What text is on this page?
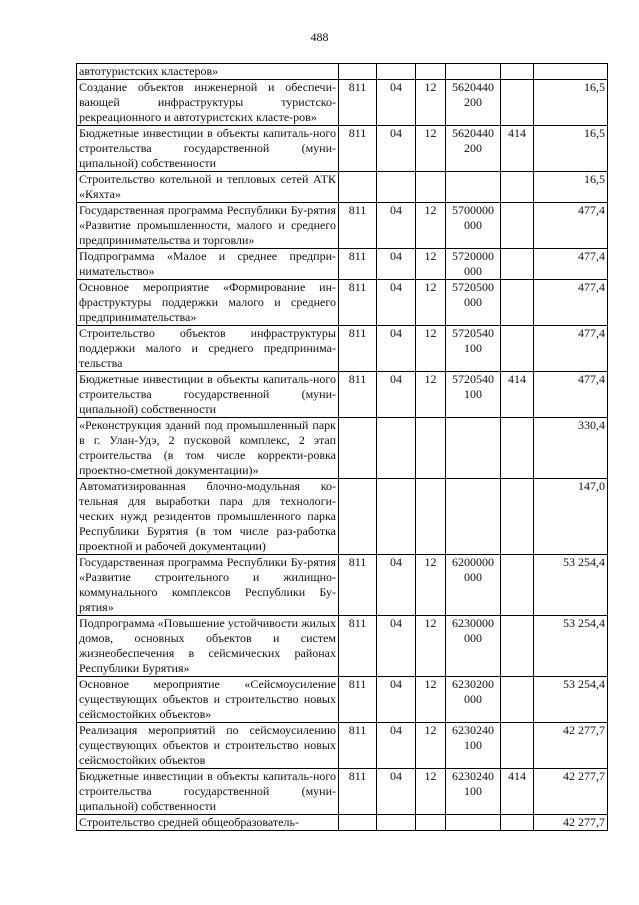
488
автотуристских кластеров»						
Создание объектов инженерной и обеспечи-вающей инфраструктуры туристско-рекреационного и автотуристских класте-ров»	811	04	12	5620440 200		16,5
Бюджетные инвестиции в объекты капиталь-ного строительства государственной (муни-ципальной) собственности	811	04	12	5620440 200	414	16,5
Строительство котельной и тепловых сетей АТК «Кяхта»						16,5
Государственная программа Республики Бу-рятия «Развитие промышленности, малого и среднего предпринимательства и торговли»	811	04	12	5700000 000		477,4
Подпрограмма «Малое и среднее предпри-нимательство»	811	04	12	5720000 000		477,4
Основное мероприятие «Формирование ин-фраструктуры поддержки малого и среднего предпринимательства»	811	04	12	5720500 000		477,4
Строительство объектов инфраструктуры поддержки малого и среднего предпринима-тельства	811	04	12	5720540 100		477,4
Бюджетные инвестиции в объекты капиталь-ного строительства государственной (муни-ципальной) собственности	811	04	12	5720540 100	414	477,4
«Реконструкция зданий под промышленный парк в г. Улан-Удэ, 2 пусковой комплекс, 2 этап строительства (в том числе корректи-ровка проектно-сметной документации)»						330,4
Автоматизированная блочно-модульная ко-тельная для выработки пара для технологи-ческих нужд резидентов промышленного парка Республики Бурятия (в том числе раз-работка проектной и рабочей документации)						147,0
Государственная программа Республики Бу-рятия «Развитие строительного и жилищно-коммунального комплексов Республики Бу-рятия»	811	04	12	6200000 000		53 254,4
Подпрограмма «Повышение устойчивости жилых домов, основных объектов и систем жизнеобеспечения в сейсмических районах Республики Бурятия»	811	04	12	6230000 000		53 254,4
Основное мероприятие «Сейсмоусиление существующих объектов и строительство новых сейсмостойких объектов»	811	04	12	6230200 000		53 254,4
Реализация мероприятий по сейсмоусилению существующих объектов и строительство новых сейсмостойких объектов	811	04	12	6230240 100		42 277,7
Бюджетные инвестиции в объекты капиталь-ного строительства государственной (муни-ципальной) собственности	811	04	12	6230240 100	414	42 277,7
Строительство средней общеобразователь-						42 277,7
